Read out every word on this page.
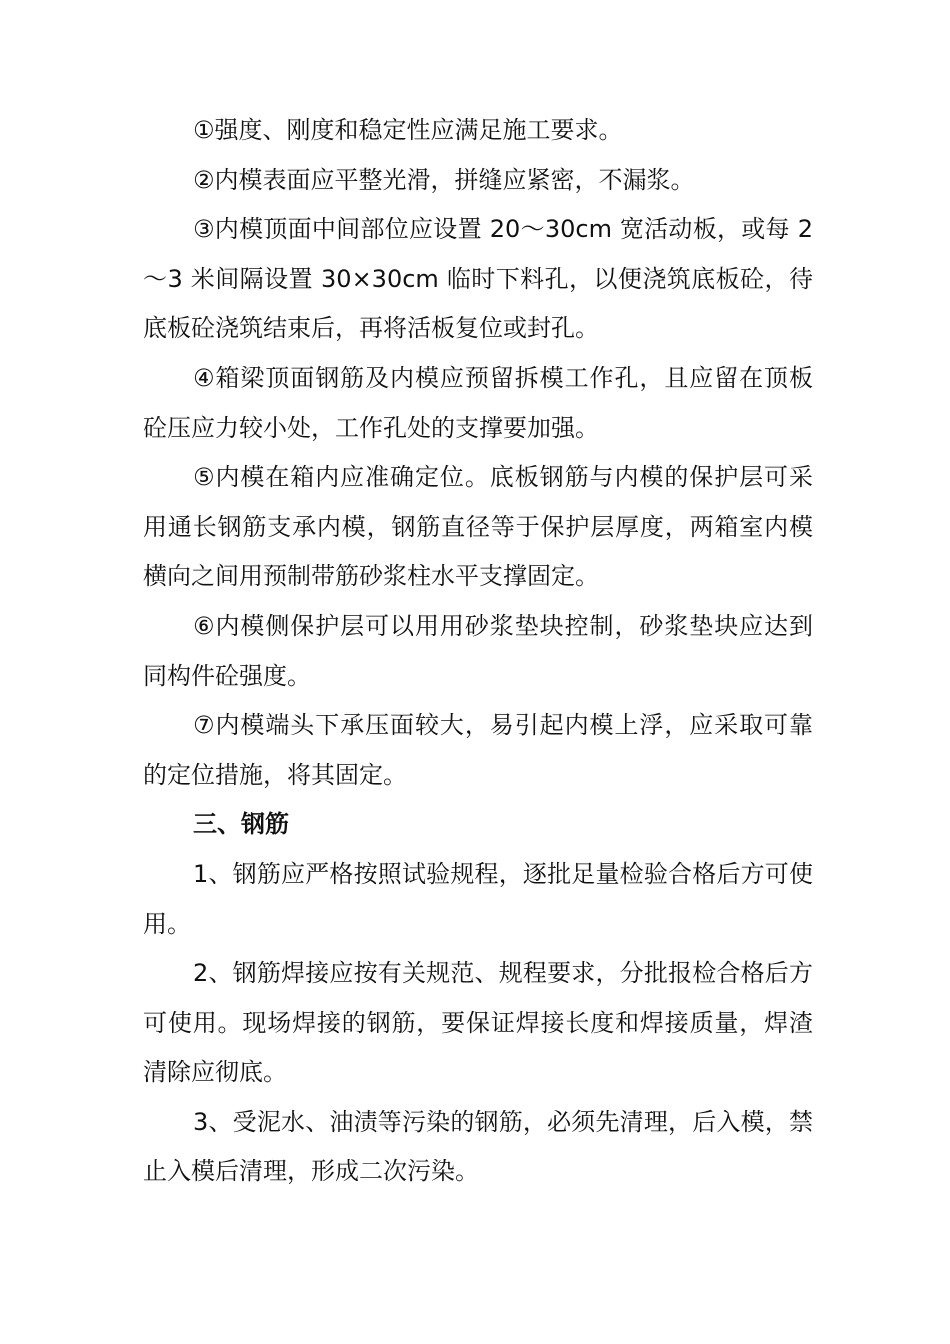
①强度、刚度和稳定性应满足施工要求。

②内模表面应平整光滑，拼缝应紧密，不漏浆。

③内模顶面中间部位应设置 20～30cm 宽活动板，或每 2～3 米间隔设置 30×30cm 临时下料孔，以便浇筑底板砼，待底板砼浇筑结束后，再将活板复位或封孔。

④箱梁顶面钢筋及内模应预留拆模工作孔，且应留在顶板砼压应力较小处，工作孔处的支撑要加强。

⑤内模在箱内应准确定位。底板钢筋与内模的保护层可采用通长钢筋支承内模，钢筋直径等于保护层厚度，两箱室内模横向之间用预制带筋砂浆柱水平支撑固定。

⑥内模侧保护层可以用用砂浆垫块控制，砂浆垫块应达到同构件砼强度。

⑦内模端头下承压面较大，易引起内模上浮，应采取可靠的定位措施，将其固定。

三、钢筋

1、钢筋应严格按照试验规程，逐批足量检验合格后方可使用。

2、钢筋焊接应按有关规范、规程要求，分批报检合格后方可使用。现场焊接的钢筋，要保证焊接长度和焊接质量，焊渣清除应彻底。

3、受泥水、油渍等污染的钢筋，必须先清理，后入模，禁止入模后清理，形成二次污染。
